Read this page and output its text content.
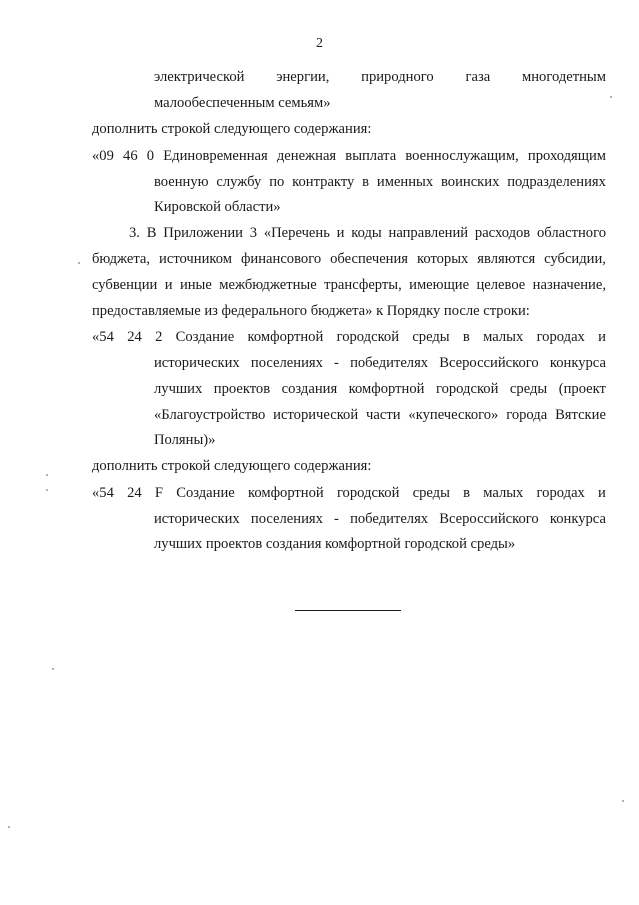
2
электрической энергии, природного газа многодетным
малообеспеченным семьям»
дополнить строкой следующего содержания:
«09 46 0 Единовременная денежная выплата военнослужащим, проходящим
военную службу по контракту в именных воинских подразделениях
Кировской области»
3. В Приложении 3 «Перечень и коды направлений расходов областного
бюджета, источником финансового обеспечения которых являются субсидии,
субвенции и иные межбюджетные трансферты, имеющие целевое назначение,
предоставляемые из федерального бюджета» к Порядку после строки:
«54 24 2 Создание комфортной городской среды в малых городах и
исторических поселениях - победителях Всероссийского конкурса
лучших проектов создания комфортной городской среды (проект
«Благоустройство исторической части «купеческого» города Вятские
Поляны)»
дополнить строкой следующего содержания:
«54 24 F Создание комфортной городской среды в малых городах и
исторических поселениях - победителях Всероссийского конкурса
лучших проектов создания комфортной городской среды»
